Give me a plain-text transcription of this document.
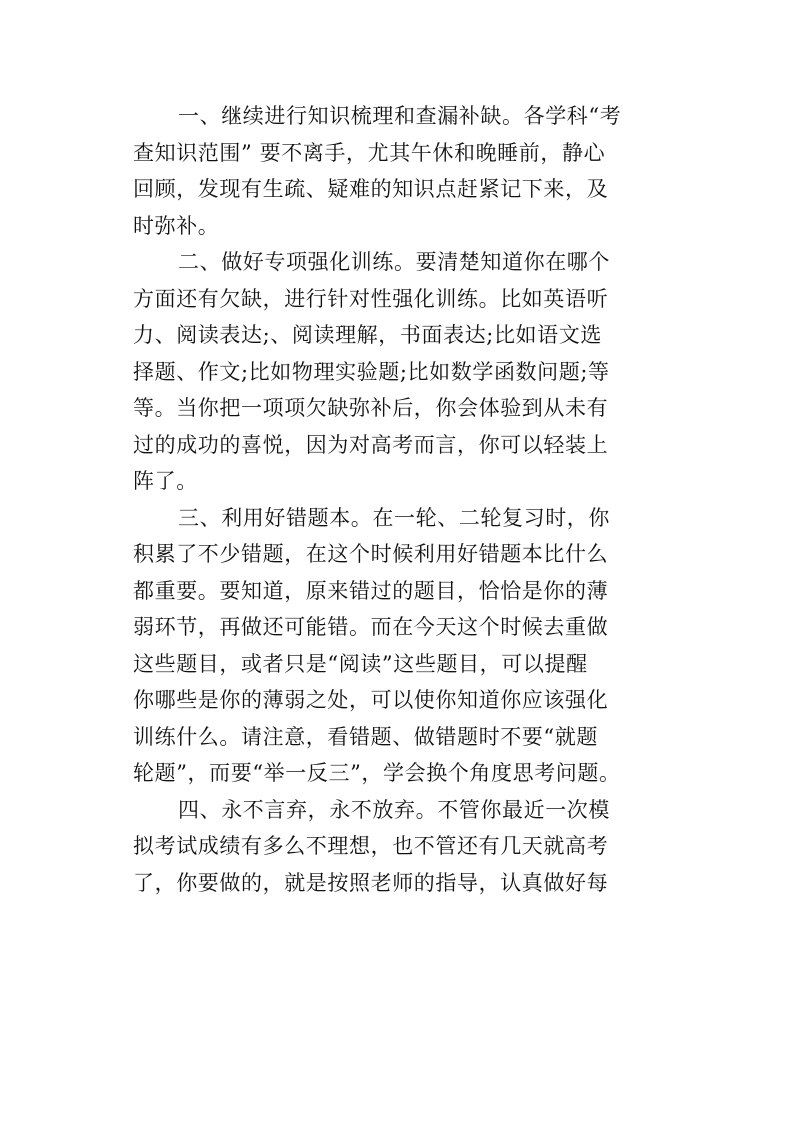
一、继续进行知识梳理和查漏补缺。各学科“考
查知识范围” 要不离手，尤其午休和晚睡前，静心
回顾，发现有生疏、疑难的知识点赶紧记下来，及
时弥补。
二、做好专项强化训练。要清楚知道你在哪个
方面还有欠缺，进行针对性强化训练。比如英语听
力、阅读表达;、阅读理解，书面表达;比如语文选
择题、作文;比如物理实验题;比如数学函数问题;等
等。当你把一项项欠缺弥补后，你会体验到从未有
过的成功的喜悦，因为对高考而言，你可以轻装上
阵了。
三、利用好错题本。在一轮、二轮复习时，你
积累了不少错题，在这个时候利用好错题本比什么
都重要。要知道，原来错过的题目，恰恰是你的薄
弱环节，再做还可能错。而在今天这个时候去重做
这些题目，或者只是“阅读”这些题目，可以提醒
你哪些是你的薄弱之处，可以使你知道你应该强化
训练什么。请注意，看错题、做错题时不要“就题
轮题”，而要“举一反三”，学会换个角度思考问题。
四、永不言弃，永不放弃。不管你最近一次模
拟考试成绩有多么不理想，也不管还有几天就高考
了，你要做的，就是按照老师的指导，认真做好每
